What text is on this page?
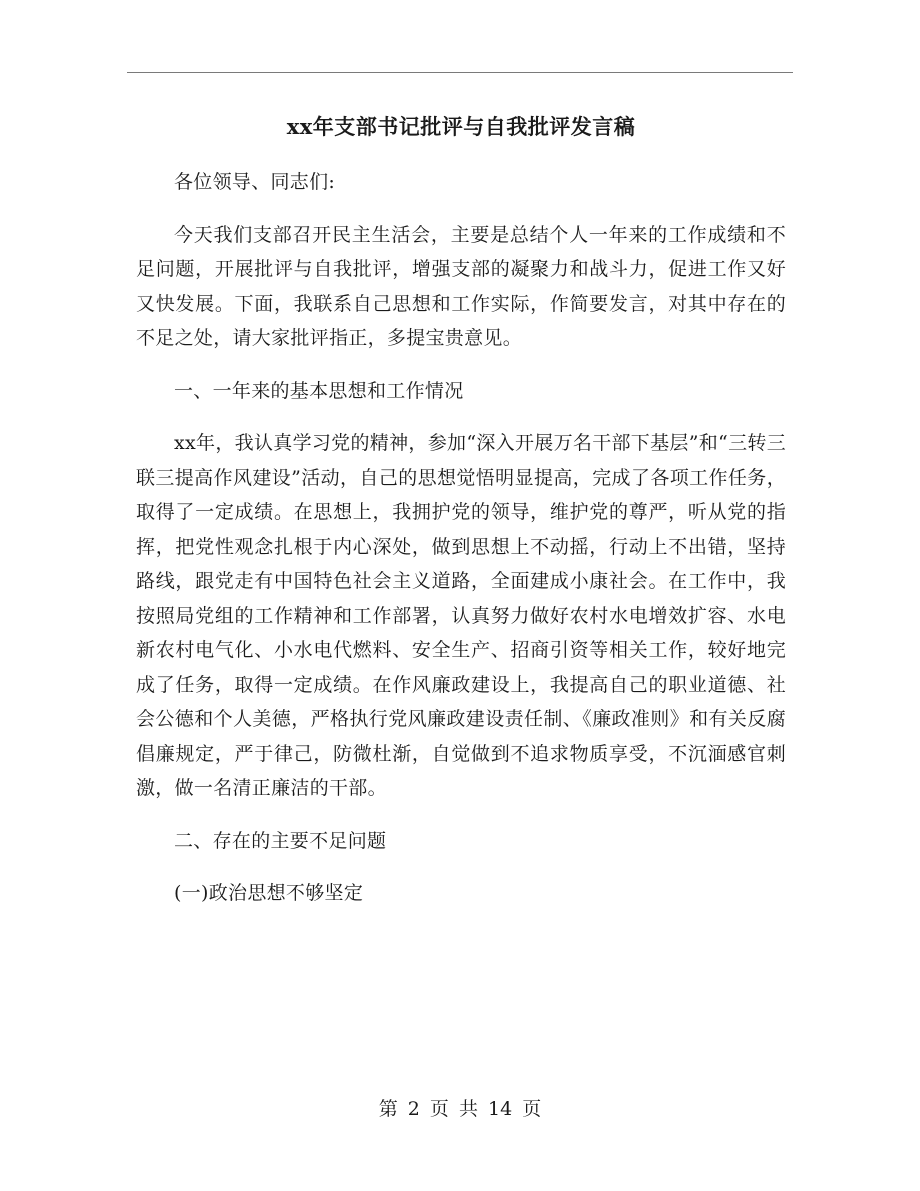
xx年支部书记批评与自我批评发言稿

各位领导、同志们:

今天我们支部召开民主生活会，主要是总结个人一年来的工作成绩和不足问题，开展批评与自我批评，增强支部的凝聚力和战斗力，促进工作又好又快发展。下面，我联系自己思想和工作实际，作简要发言，对其中存在的不足之处，请大家批评指正，多提宝贵意见。

一、一年来的基本思想和工作情况

xx年，我认真学习党的精神，参加“深入开展万名干部下基层”和“三转三联三提高作风建设”活动，自己的思想觉悟明显提高，完成了各项工作任务，取得了一定成绩。在思想上，我拥护党的领导，维护党的尊严，听从党的指挥，把党性观念扎根于内心深处，做到思想上不动摇，行动上不出错，坚持路线，跟党走有中国特色社会主义道路，全面建成小康社会。在工作中，我按照局党组的工作精神和工作部署，认真努力做好农村水电增效扩容、水电新农村电气化、小水电代燃料、安全生产、招商引资等相关工作，较好地完成了任务，取得一定成绩。在作风廉政建设上，我提高自己的职业道德、社会公德和个人美德，严格执行党风廉政建设责任制、《廉政准则》和有关反腐倡廉规定，严于律己，防微杜渐，自觉做到不追求物质享受，不沉湎感官刺激，做一名清正廉洁的干部。

二、存在的主要不足问题

(一)政治思想不够坚定

第 2 页 共 14 页
